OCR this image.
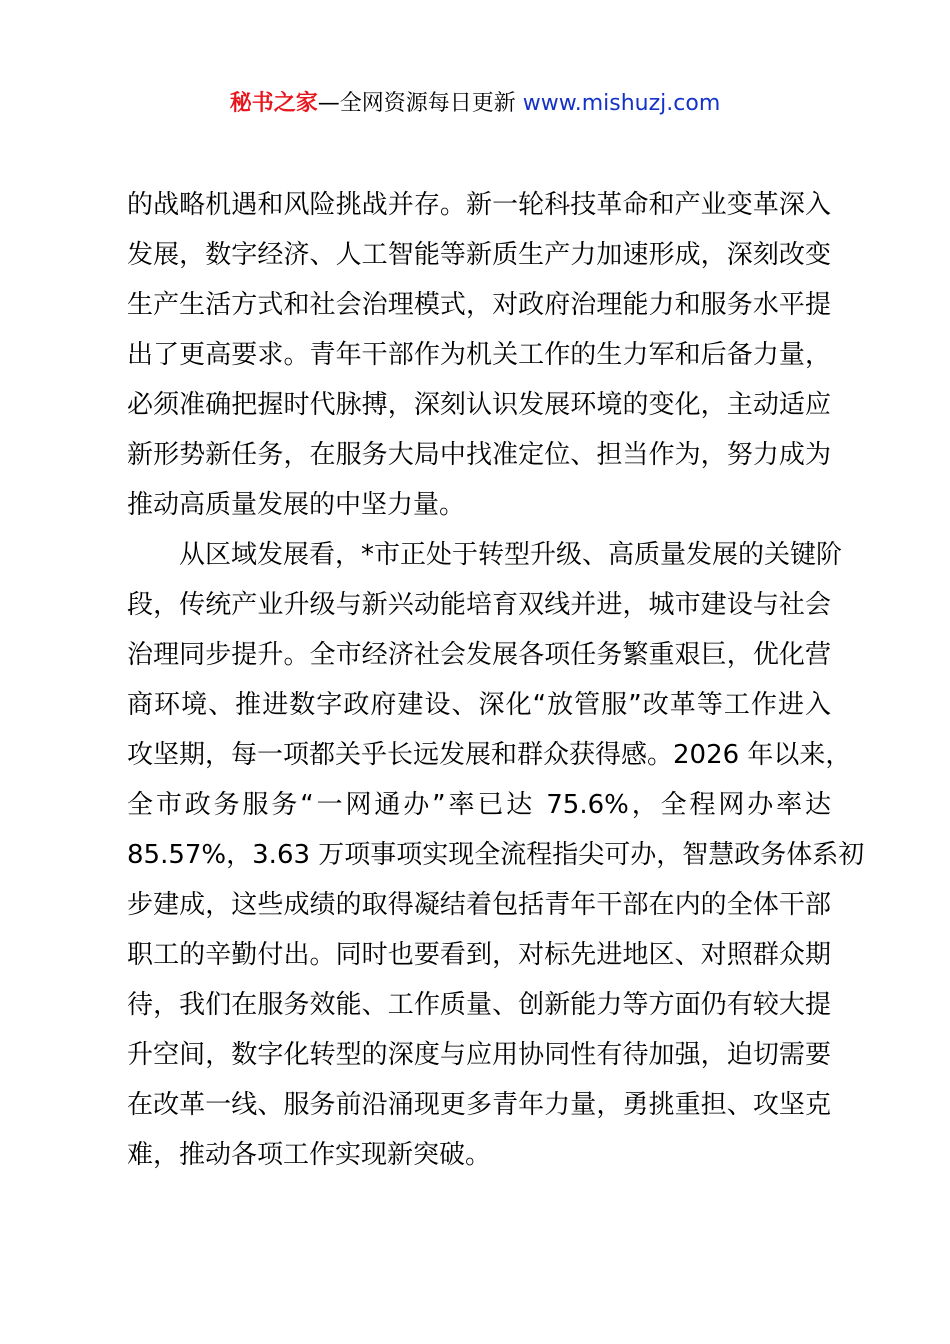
秘书之家—全网资源每日更新 www.mishuzj.com
的战略机遇和风险挑战并存。新一轮科技革命和产业变革深入
发展，数字经济、人工智能等新质生产力加速形成，深刻改变
生产生活方式和社会治理模式，对政府治理能力和服务水平提
出了更高要求。青年干部作为机关工作的生力军和后备力量，
必须准确把握时代脉搏，深刻认识发展环境的变化，主动适应
新形势新任务，在服务大局中找准定位、担当作为，努力成为
推动高质量发展的中坚力量。
从区域发展看，*市正处于转型升级、高质量发展的关键阶
段，传统产业升级与新兴动能培育双线并进，城市建设与社会
治理同步提升。全市经济社会发展各项任务繁重艰巨，优化营
商环境、推进数字政府建设、深化“放管服”改革等工作进入
攻坚期，每一项都关乎长远发展和群众获得感。2026 年以来，
全市政务服务“一网通办”率已达 75.6%，全程网办率达
85.57%，3.63 万项事项实现全流程指尖可办，智慧政务体系初
步建成，这些成绩的取得凝结着包括青年干部在内的全体干部
职工的辛勤付出。同时也要看到，对标先进地区、对照群众期
待，我们在服务效能、工作质量、创新能力等方面仍有较大提
升空间，数字化转型的深度与应用协同性有待加强，迫切需要
在改革一线、服务前沿涌现更多青年力量，勇挑重担、攻坚克
难，推动各项工作实现新突破。
